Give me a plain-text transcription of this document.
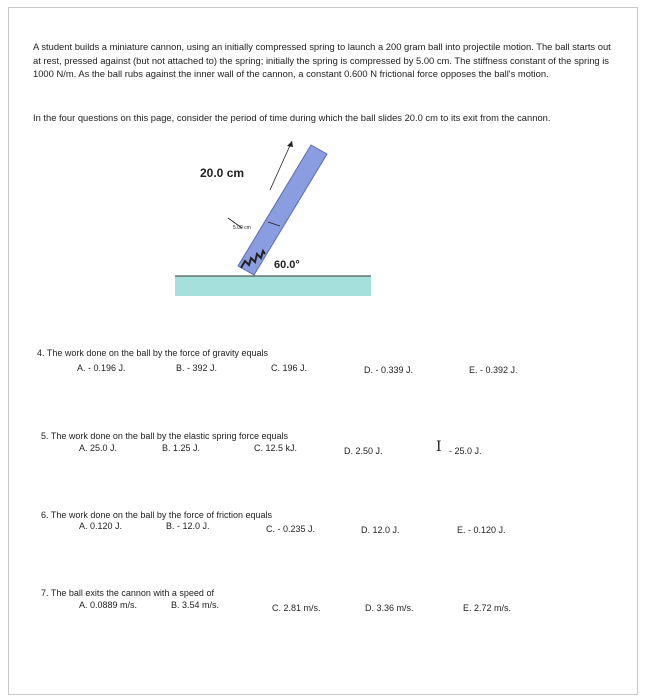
A student builds a miniature cannon, using an initially compressed spring to launch a 200 gram ball into projectile motion. The ball starts out at rest, pressed against (but not attached to) the spring; initially the spring is compressed by 5.00 cm. The stiffness constant of the spring is 1000 N/m. As the ball rubs against the inner wall of the cannon, a constant 0.600 N frictional force opposes the ball's motion.
In the four questions on this page, consider the period of time during which the ball slides 20.0 cm to its exit from the cannon.
20.0 cm
5.00 cm
60.0°
4. The work done on the ball by the force of gravity equals
A. - 0.196 J.	B. - 392 J.	C. 196 J.	D. - 0.339 J.	E. - 0.392 J.
5. The work done on the ball by the elastic spring force equals
A. 25.0 J.	B. 1.25 J.	C. 12.5 kJ.	D. 2.50 J.	I - 25.0 J.
6. The work done on the ball by the force of friction equals
A. 0.120 J.	B. - 12.0 J.	C. - 0.235 J.	D. 12.0 J.	E. - 0.120 J.
7. The ball exits the cannon with a speed of
A. 0.0889 m/s.	B. 3.54 m/s.	C. 2.81 m/s.	D. 3.36 m/s.	E. 2.72 m/s.
